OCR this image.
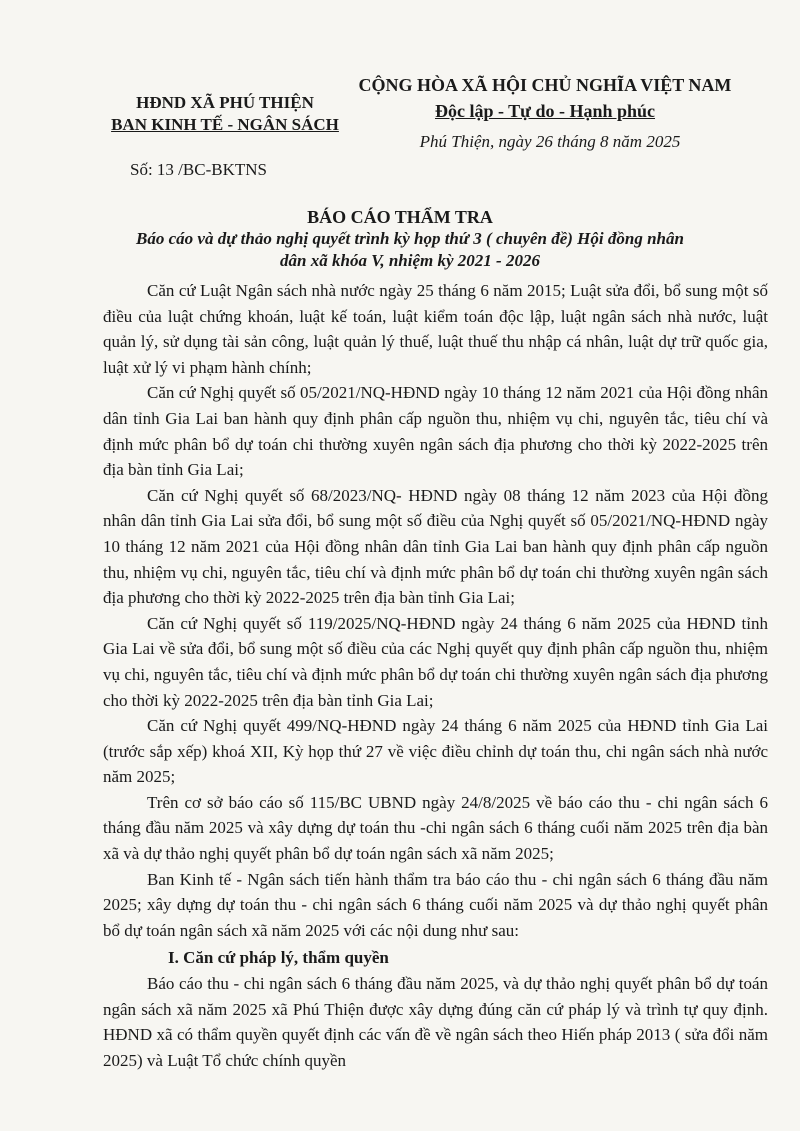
HĐND XÃ PHÚ THIỆN
BAN KINH TẾ - NGÂN SÁCH
Số: 13 /BC-BKTNS
CỘNG HÒA XÃ HỘI CHỦ NGHĨA VIỆT NAM
Độc lập - Tự do - Hạnh phúc
Phú Thiện, ngày 26 tháng 8 năm 2025
BÁO CÁO THẨM TRA
Báo cáo và dự thảo nghị quyết trình kỳ họp thứ 3 ( chuyên đề) Hội đồng nhân
dân xã khóa V, nhiệm kỳ 2021 - 2026

Căn cứ Luật Ngân sách nhà nước ngày 25 tháng 6 năm 2015; Luật sửa đổi, bổ sung một số điều của luật chứng khoán, luật kế toán, luật kiểm toán độc lập, luật ngân sách nhà nước, luật quản lý, sử dụng tài sản công, luật quản lý thuế, luật thuế thu nhập cá nhân, luật dự trữ quốc gia, luật xử lý vi phạm hành chính;

Căn cứ Nghị quyết số 05/2021/NQ-HĐND ngày 10 tháng 12 năm 2021 của Hội đồng nhân dân tỉnh Gia Lai ban hành quy định phân cấp nguồn thu, nhiệm vụ chi, nguyên tắc, tiêu chí và định mức phân bổ dự toán chi thường xuyên ngân sách địa phương cho thời kỳ 2022-2025 trên địa bàn tỉnh Gia Lai;

Căn cứ Nghị quyết số 68/2023/NQ- HĐND ngày 08 tháng 12 năm 2023 của Hội đồng nhân dân tỉnh Gia Lai sửa đổi, bổ sung một số điều của Nghị quyết số 05/2021/NQ-HĐND ngày 10 tháng 12 năm 2021 của Hội đồng nhân dân tỉnh Gia Lai ban hành quy định phân cấp nguồn thu, nhiệm vụ chi, nguyên tắc, tiêu chí và định mức phân bổ dự toán chi thường xuyên ngân sách địa phương cho thời kỳ 2022-2025 trên địa bàn tỉnh Gia Lai;

Căn cứ Nghị quyết số 119/2025/NQ-HĐND ngày 24 tháng 6 năm 2025 của HĐND tỉnh Gia Lai về sửa đổi, bổ sung một số điều của các Nghị quyết quy định phân cấp nguồn thu, nhiệm vụ chi, nguyên tắc, tiêu chí và định mức phân bổ dự toán chi thường xuyên ngân sách địa phương cho thời kỳ 2022-2025 trên địa bàn tỉnh Gia Lai;

Căn cứ Nghị quyết 499/NQ-HĐND ngày 24 tháng 6 năm 2025 của HĐND tỉnh Gia Lai (trước sắp xếp) khoá XII, Kỳ họp thứ 27 về việc điều chỉnh dự toán thu, chi ngân sách nhà nước năm 2025;

Trên cơ sở báo cáo số 115/BC UBND ngày 24/8/2025 về báo cáo thu - chi ngân sách 6 tháng đầu năm 2025 và xây dựng dự toán thu -chi ngân sách 6 tháng cuối năm 2025 trên địa bàn xã và dự thảo nghị quyết phân bổ dự toán ngân sách xã năm 2025;

Ban Kinh tế - Ngân sách tiến hành thẩm tra báo cáo thu - chi ngân sách 6 tháng đầu năm 2025; xây dựng dự toán thu - chi ngân sách 6 tháng cuối năm 2025 và dự thảo nghị quyết phân bổ dự toán ngân sách xã năm 2025 với các nội dung như sau:

I. Căn cứ pháp lý, thẩm quyền

Báo cáo thu - chi ngân sách 6 tháng đầu năm 2025, và dự thảo nghị quyết phân bổ dự toán ngân sách xã năm 2025 xã Phú Thiện được xây dựng đúng căn cứ pháp lý và trình tự quy định. HĐND xã có thẩm quyền quyết định các vấn đề về ngân sách theo Hiến pháp 2013 ( sửa đổi năm 2025) và Luật Tổ chức chính quyền
